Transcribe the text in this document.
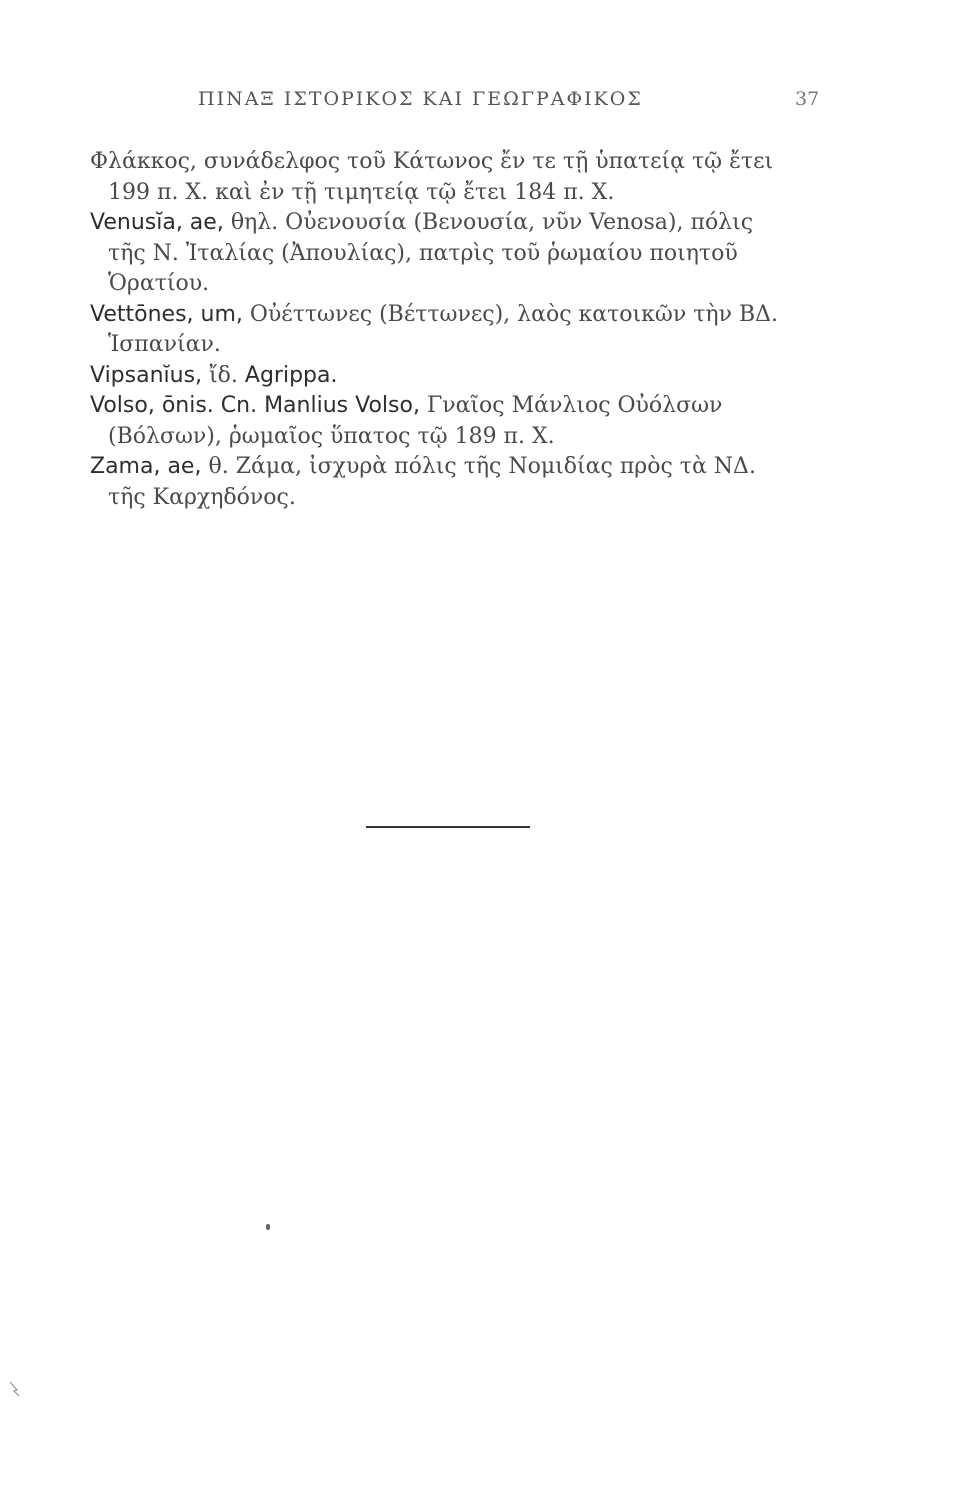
ΠΙΝΑΞ ΙΣΤΟΡΙΚΟΣ ΚΑΙ ΓΕΩΓΡΑΦΙΚΟΣ	37
Φλάκκος, συνάδελφος τοῦ Κάτωνος ἔν τε τῇ ὑπατείᾳ τῷ ἔτει
199 π. Χ. καὶ ἐν τῇ τιμητείᾳ τῷ ἔτει 184 π. Χ.
Venusĭa, ae, θηλ. Οὐενουσία (Βενουσία, νῦν Venosa), πόλις
τῆς Ν. Ἰταλίας (Ἀπουλίας), πατρὶς τοῦ ῥωμαίου ποιητοῦ
Ὁρατίου.
Vettōnes, um, Οὐέττωνες (Βέττωνες), λαὸς κατοικῶν τὴν ΒΔ.
Ἱσπανίαν.
Vipsanĭus, ἴδ. Agrippa.
Volso, ōnis. Cn. Manlius Volso, Γναῖος Μάνλιος Οὐόλσων
(Βόλσων), ῥωμαῖος ὕπατος τῷ 189 π. Χ.
Zama, ae, θ. Ζάμα, ἰσχυρὰ πόλις τῆς Νομιδίας πρὸς τὰ ΝΔ.
τῆς Καρχηδόνος.
